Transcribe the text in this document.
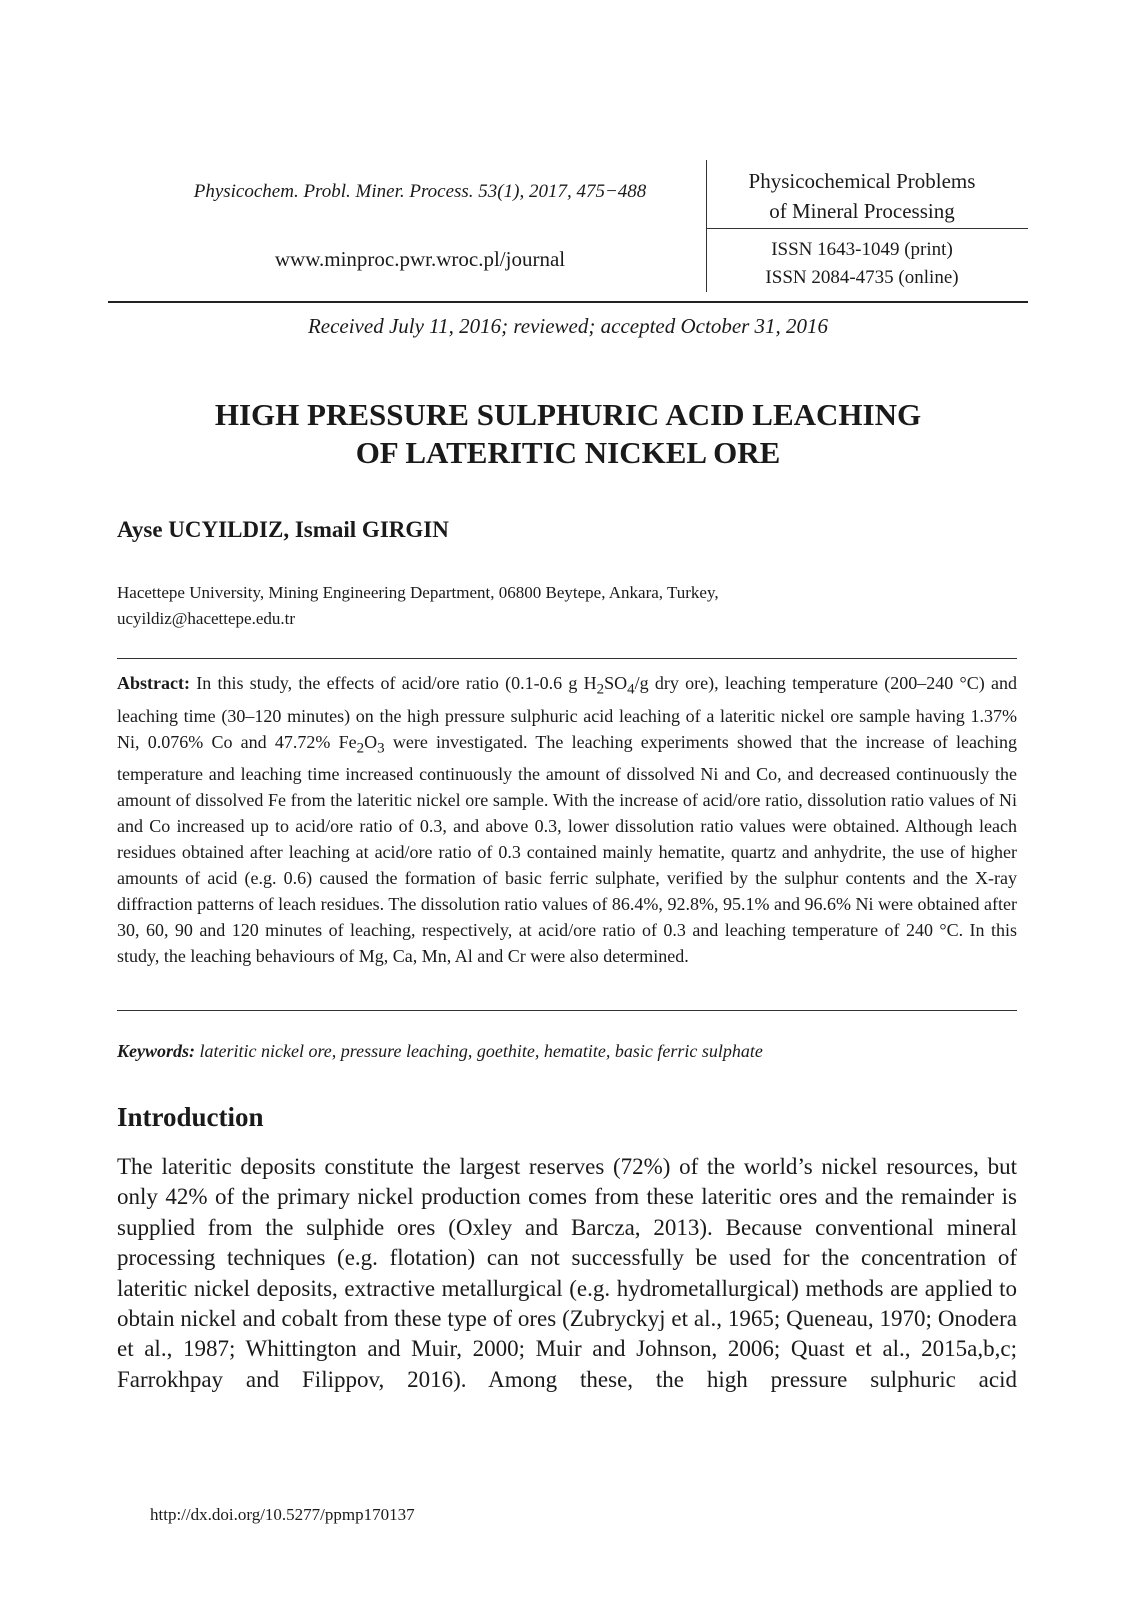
Physicochem. Probl. Miner. Process. 53(1), 2017, 475−488
www.minproc.pwr.wroc.pl/journal
Physicochemical Problems
of Mineral Processing
ISSN 1643-1049 (print)
ISSN 2084-4735 (online)
Received July 11, 2016; reviewed; accepted October 31, 2016
HIGH PRESSURE SULPHURIC ACID LEACHING
OF LATERITIC NICKEL ORE
Ayse UCYILDIZ, Ismail GIRGIN
Hacettepe University, Mining Engineering Department, 06800 Beytepe, Ankara, Turkey,
ucyildiz@hacettepe.edu.tr
Abstract: In this study, the effects of acid/ore ratio (0.1-0.6 g $H_2SO_4/g$ dry ore), leaching temperature (200–240 °C) and leaching time (30–120 minutes) on the high pressure sulphuric acid leaching of a lateritic nickel ore sample having 1.37% Ni, 0.076% Co and 47.72% $Fe_2O_3$ were investigated. The leaching experiments showed that the increase of leaching temperature and leaching time increased continuously the amount of dissolved Ni and Co, and decreased continuously the amount of dissolved Fe from the lateritic nickel ore sample. With the increase of acid/ore ratio, dissolution ratio values of Ni and Co increased up to acid/ore ratio of 0.3, and above 0.3, lower dissolution ratio values were obtained. Although leach residues obtained after leaching at acid/ore ratio of 0.3 contained mainly hematite, quartz and anhydrite, the use of higher amounts of acid (e.g. 0.6) caused the formation of basic ferric sulphate, verified by the sulphur contents and the X-ray diffraction patterns of leach residues. The dissolution ratio values of 86.4%, 92.8%, 95.1% and 96.6% Ni were obtained after 30, 60, 90 and 120 minutes of leaching, respectively, at acid/ore ratio of 0.3 and leaching temperature of 240 °C. In this study, the leaching behaviours of Mg, Ca, Mn, Al and Cr were also determined.
Keywords: lateritic nickel ore, pressure leaching, goethite, hematite, basic ferric sulphate
Introduction
The lateritic deposits constitute the largest reserves (72%) of the world’s nickel resources, but only 42% of the primary nickel production comes from these lateritic ores and the remainder is supplied from the sulphide ores (Oxley and Barcza, 2013). Because conventional mineral processing techniques (e.g. flotation) can not successfully be used for the concentration of lateritic nickel deposits, extractive metallurgical (e.g. hydrometallurgical) methods are applied to obtain nickel and cobalt from these type of ores (Zubryckyj et al., 1965; Queneau, 1970; Onodera et al., 1987; Whittington and Muir, 2000; Muir and Johnson, 2006; Quast et al., 2015a,b,c; Farrokhpay and Filippov, 2016). Among these, the high pressure sulphuric acid
http://dx.doi.org/10.5277/ppmp170137
